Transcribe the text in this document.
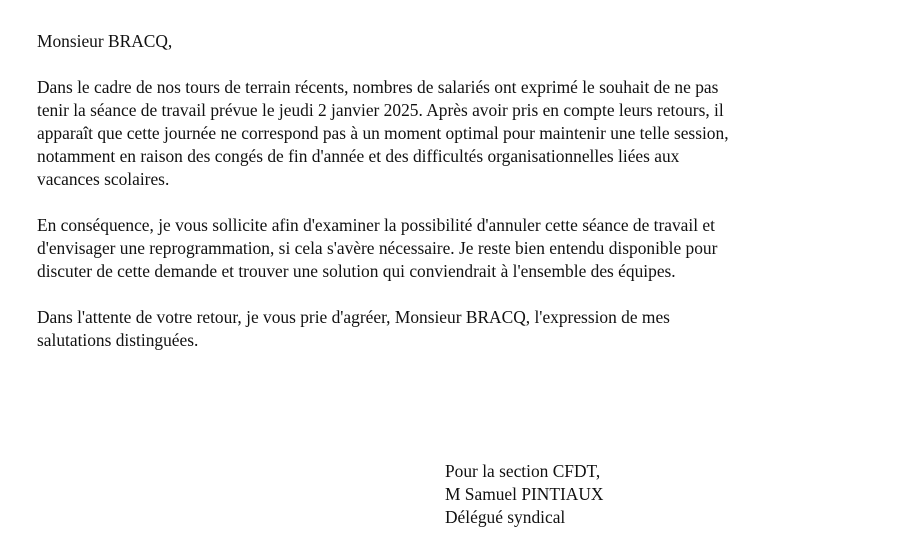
Monsieur BRACQ,
Dans le cadre de nos tours de terrain récents, nombres de salariés ont exprimé le souhait de ne pas
tenir la séance de travail prévue le jeudi 2 janvier 2025. Après avoir pris en compte leurs retours, il
apparaît que cette journée ne correspond pas à un moment optimal pour maintenir une telle session,
notamment en raison des congés de fin d'année et des difficultés organisationnelles liées aux
vacances scolaires.
En conséquence, je vous sollicite afin d'examiner la possibilité d'annuler cette séance de travail et
d'envisager une reprogrammation, si cela s'avère nécessaire. Je reste bien entendu disponible pour
discuter de cette demande et trouver une solution qui conviendrait à l'ensemble des équipes.
Dans l'attente de votre retour, je vous prie d'agréer, Monsieur BRACQ, l'expression de mes
salutations distinguées.
Pour la section CFDT,
M Samuel PINTIAUX
Délégué syndical
